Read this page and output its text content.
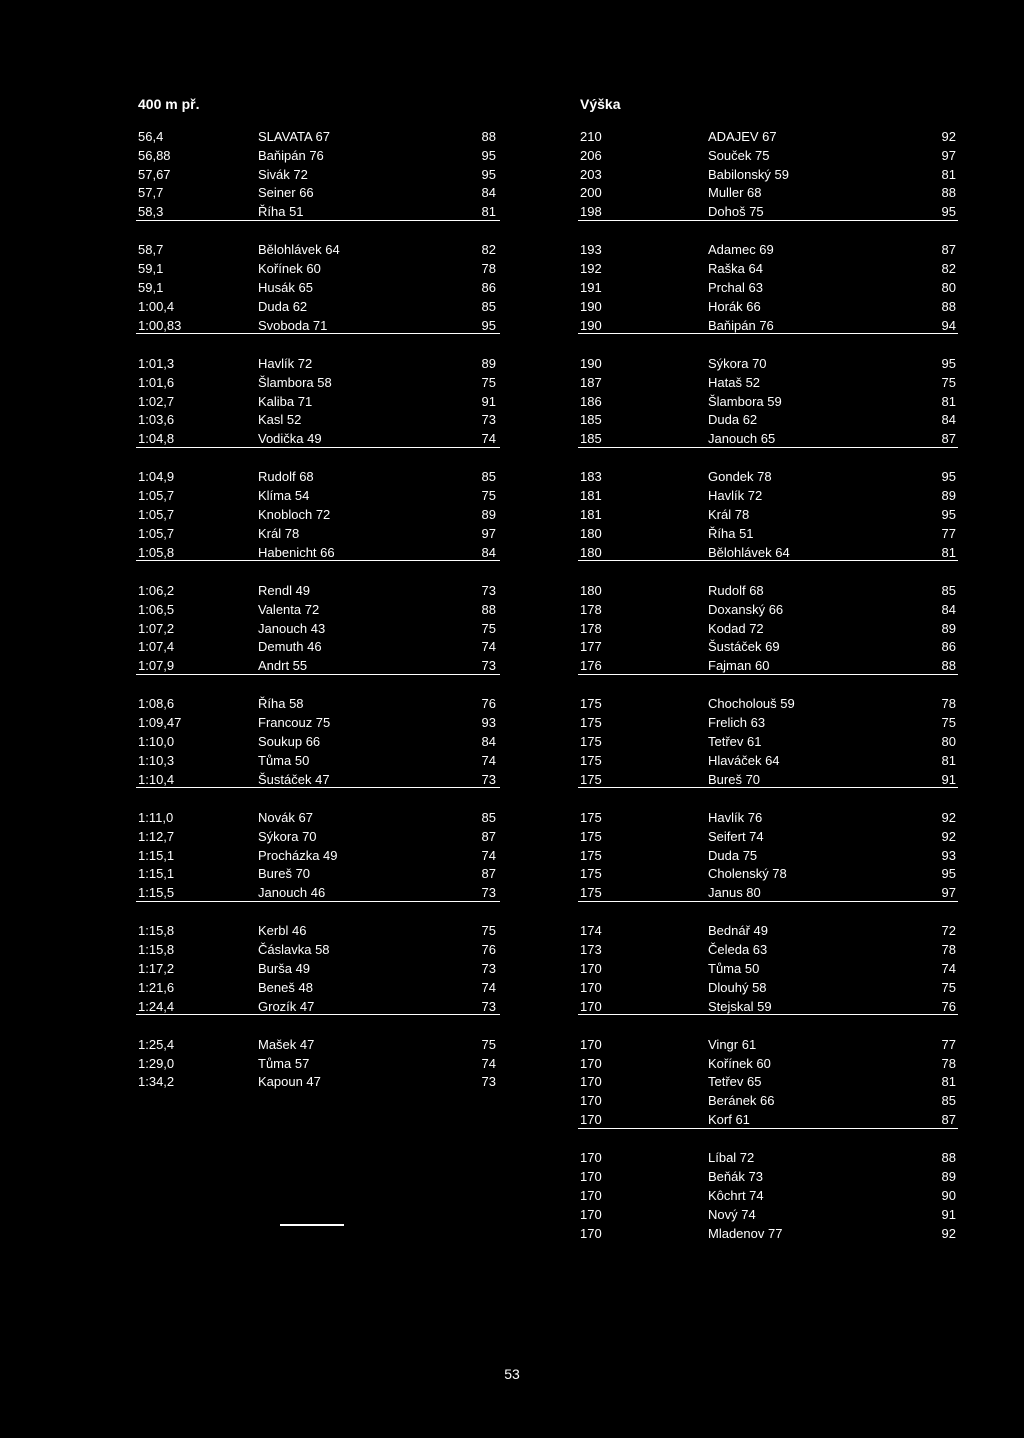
400 m př.
56,4	SLAVATA 67	88
56,88	Baňipán 76	95
57,67	Sivák 72	95
57,7	Seiner 66	84
58,3	Říha 51	81
58,7	Bělohlávek 64	82
59,1	Kořínek 60	78
59,1	Husák 65	86
1:00,4	Duda 62	85
1:00,83	Svoboda 71	95
1:01,3	Havlík 72	89
1:01,6	Šlambora 58	75
1:02,7	Kaliba 71	91
1:03,6	Kasl 52	73
1:04,8	Vodička 49	74
1:04,9	Rudolf 68	85
1:05,7	Klíma 54	75
1:05,7	Knobloch 72	89
1:05,7	Král 78	97
1:05,8	Habenicht 66	84
1:06,2	Rendl 49	73
1:06,5	Valenta 72	88
1:07,2	Janouch 43	75
1:07,4	Demuth 46	74
1:07,9	Andrt 55	73
1:08,6	Říha 58	76
1:09,47	Francouz 75	93
1:10,0	Soukup 66	84
1:10,3	Tůma 50	74
1:10,4	Šustáček 47	73
1:11,0	Novák 67	85
1:12,7	Sýkora 70	87
1:15,1	Procházka 49	74
1:15,1	Bureš 70	87
1:15,5	Janouch 46	73
1:15,8	Kerbl 46	75
1:15,8	Čáslavka 58	76
1:17,2	Burša 49	73
1:21,6	Beneš 48	74
1:24,4	Grozík 47	73
1:25,4	Mašek 47	75
1:29,0	Tůma 57	74
1:34,2	Kapoun 47	73
Výška
210	ADAJEV 67	92
206	Souček 75	97
203	Babilonský 59	81
200	Muller 68	88
198	Dohoš 75	95
193	Adamec 69	87
192	Raška 64	82
191	Prchal 63	80
190	Horák 66	88
190	Baňipán 76	94
190	Sýkora 70	95
187	Hataš 52	75
186	Šlambora 59	81
185	Duda 62	84
185	Janouch 65	87
183	Gondek 78	95
181	Havlík 72	89
181	Král 78	95
180	Říha 51	77
180	Bělohlávek 64	81
180	Rudolf 68	85
178	Doxanský 66	84
178	Kodad 72	89
177	Šustáček 69	86
176	Fajman 60	88
175	Chocholouš 59	78
175	Frelich 63	75
175	Tetřev 61	80
175	Hlaváček 64	81
175	Bureš 70	91
175	Havlík 76	92
175	Seifert 74	92
175	Duda 75	93
175	Cholenský 78	95
175	Janus 80	97
174	Bednář 49	72
173	Čeleda 63	78
170	Tůma 50	74
170	Dlouhý 58	75
170	Stejskal 59	76
170	Vingr 61	77
170	Kořínek 60	78
170	Tetřev 65	81
170	Beránek 66	85
170	Korf 61	87
170	Líbal 72	88
170	Beňák 73	89
170	Kôchrt 74	90
170	Nový 74	91
170	Mladenov 77	92
53
